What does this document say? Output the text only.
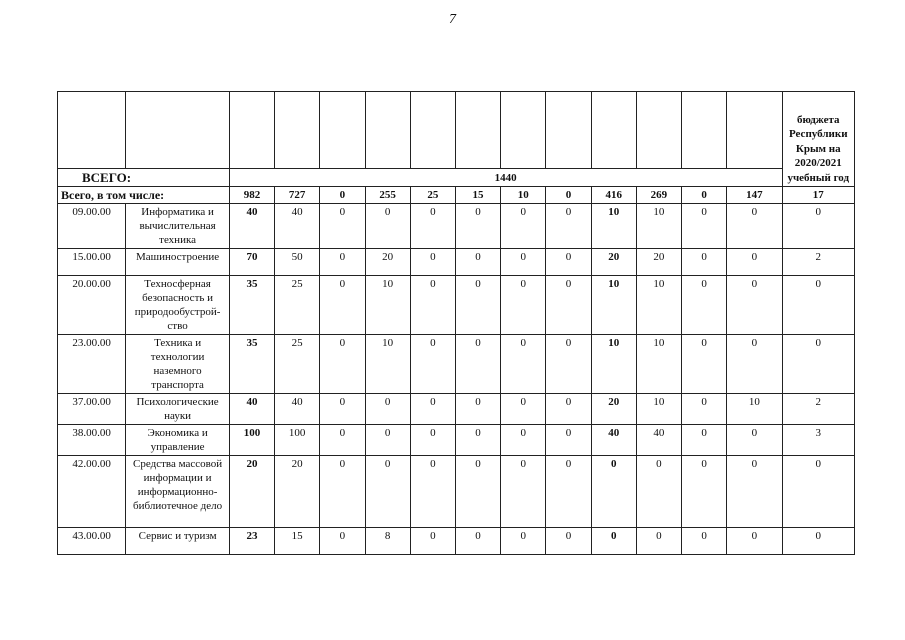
7
														бюджета Республики Крым на 2020/2021 учебный год
ВСЕГО:		1440												
Всего, в том числе:		982	727	0	255	25	15	10	0	416	269	0	147	17
09.00.00	Информатика и вычислительная техника	40	40	0	0	0	0	0	0	10	10	0	0	0
15.00.00	Машиностроение	70	50	0	20	0	0	0	0	20	20	0	0	2
20.00.00	Техносферная безопасность и природообустрой-ство	35	25	0	10	0	0	0	0	10	10	0	0	0
23.00.00	Техника и технологии наземного транспорта	35	25	0	10	0	0	0	0	10	10	0	0	0
37.00.00	Психологические науки	40	40	0	0	0	0	0	0	20	10	0	10	2
38.00.00	Экономика и управление	100	100	0	0	0	0	0	0	40	40	0	0	3
42.00.00	Средства массовой информации и информационно-библиотечное дело	20	20	0	0	0	0	0	0	0	0	0	0	0
43.00.00	Сервис и туризм	23	15	0	8	0	0	0	0	0	0	0	0	0
